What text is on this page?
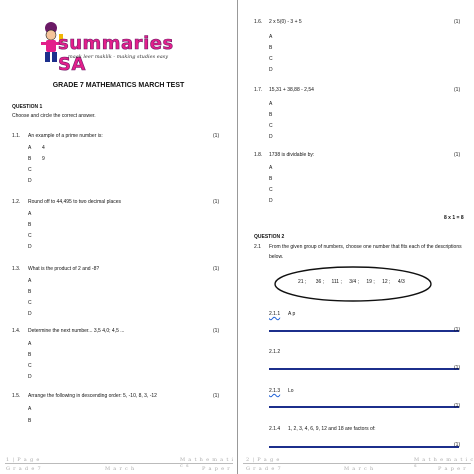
summaries SA
maak leer maklik - making studies easy
GRADE 7 MATHEMATICS MARCH TEST
QUESTION 1
Choose and circle the correct answer.
1.1. An example of a prime number is:	(1)
A 4
B 9
C
D
1.2. Round off to 44,495 to two decimal places	(1)
A
B
C
D
1.3. What is the product of 2 and -8?	(1)
A
B
C
D
1.4. Determine the next number... 3,5 4,0; 4,5 ...	(1)
A
B
C
D
1.5. Arrange the following in descending order: 5, -10, 8, 3, -12	(1)
A
B
1 | P a g e	M a t h e m a t i c s
G r a d e 7	M a r c h	P a p e r
1.6. 2 x 5(0) - 3 + 5	(1)
A
B
C
D
1.7. 15,31 + 38,88 - 2,54	(1)
A
B
C
D
1.8. 1738 is dividable by:	(1)
A
B
C
D
8 x 1 = 8
QUESTION 2
2.1 From the given group of numbers, choose one number that fits each of the descriptions
below.
21 ; 36 ; 111 ; 3/4 ; 19 ; 12 ; 4/3
2.1.1 A p
(1)
2.1.2
(1)
2.1.3 Lo
(1)
2.1.4 1, 2, 3, 4, 6, 9, 12 and 18 are factors of:
(1)
2 | P a g e	M a t h e m a t i c s
G r a d e 7	M a r c h	P a p e r
